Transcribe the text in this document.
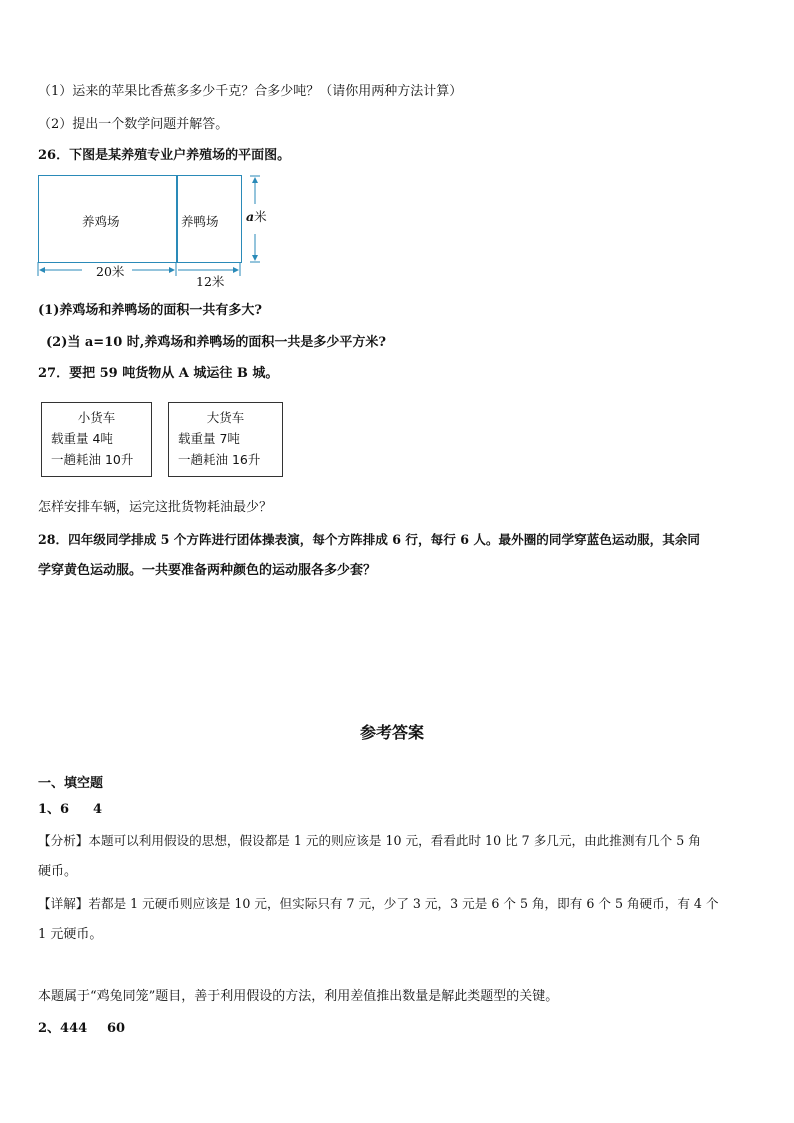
（1）运来的苹果比香蕉多多少千克？合多少吨？（请你用两种方法计算）
（2）提出一个数学问题并解答。
26．下图是某养殖专业户养殖场的平面图。
养鸡场	养鸭场 a米
20米
12米
(1)养鸡场和养鸭场的面积一共有多大?
(2)当 a=10 时,养鸡场和养鸭场的面积一共是多少平方米?
27．要把 59 吨货物从 A 城运往 B 城。
小货车
载重量 4吨
一趟耗油 10升
大货车
载重量 7吨
一趟耗油 16升
怎样安排车辆，运完这批货物耗油最少？
28．四年级同学排成 5 个方阵进行团体操表演，每个方阵排成 6 行，每行 6 人。最外圈的同学穿蓝色运动服，其余同
学穿黄色运动服。一共要准备两种颜色的运动服各多少套？
参考答案
一、填空题
1、6 4
【分析】本题可以利用假设的思想，假设都是 1 元的则应该是 10 元，看看此时 10 比 7 多几元，由此推测有几个 5 角
硬币。
【详解】若都是 1 元硬币则应该是 10 元，但实际只有 7 元，少了 3 元，3 元是 6 个 5 角，即有 6 个 5 角硬币，有 4 个
1 元硬币。
本题属于“鸡兔同笼”题目，善于利用假设的方法，利用差值推出数量是解此类题型的关键。
2、444 60
